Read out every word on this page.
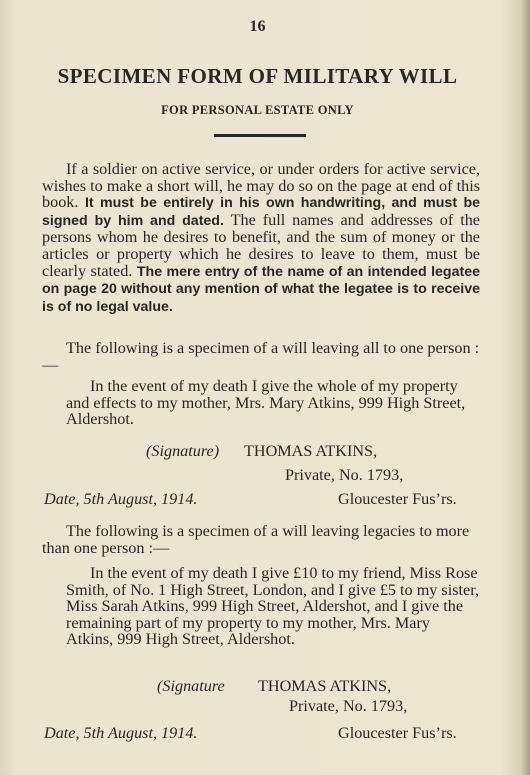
16
SPECIMEN FORM OF MILITARY WILL
FOR PERSONAL ESTATE ONLY
If a soldier on active service, or under orders for active service, wishes to make a short will, he may do so on the page at end of this book. It must be entirely in his own handwriting, and must be signed by him and dated. The full names and addresses of the persons whom he desires to benefit, and the sum of money or the articles or property which he desires to leave to them, must be clearly stated. The mere entry of the name of an intended legatee on page 20 without any mention of what the legatee is to receive is of no legal value.
The following is a specimen of a will leaving all to one person :—
In the event of my death I give the whole of my property and effects to my mother, Mrs. Mary Atkins, 999 High Street, Aldershot.
(Signature) THOMAS ATKINS,
Private, No. 1793,
Date, 5th August, 1914.	Gloucester Fus’rs.
The following is a specimen of a will leaving legacies to more than one person :—
In the event of my death I give £10 to my friend, Miss Rose Smith, of No. 1 High Street, London, and I give £5 to my sister, Miss Sarah Atkins, 999 High Street, Aldershot, and I give the remaining part of my property to my mother, Mrs. Mary Atkins, 999 High Street, Aldershot.
(Signature THOMAS ATKINS,
Private, No. 1793,
Date, 5th August, 1914.	Gloucester Fus’rs.
